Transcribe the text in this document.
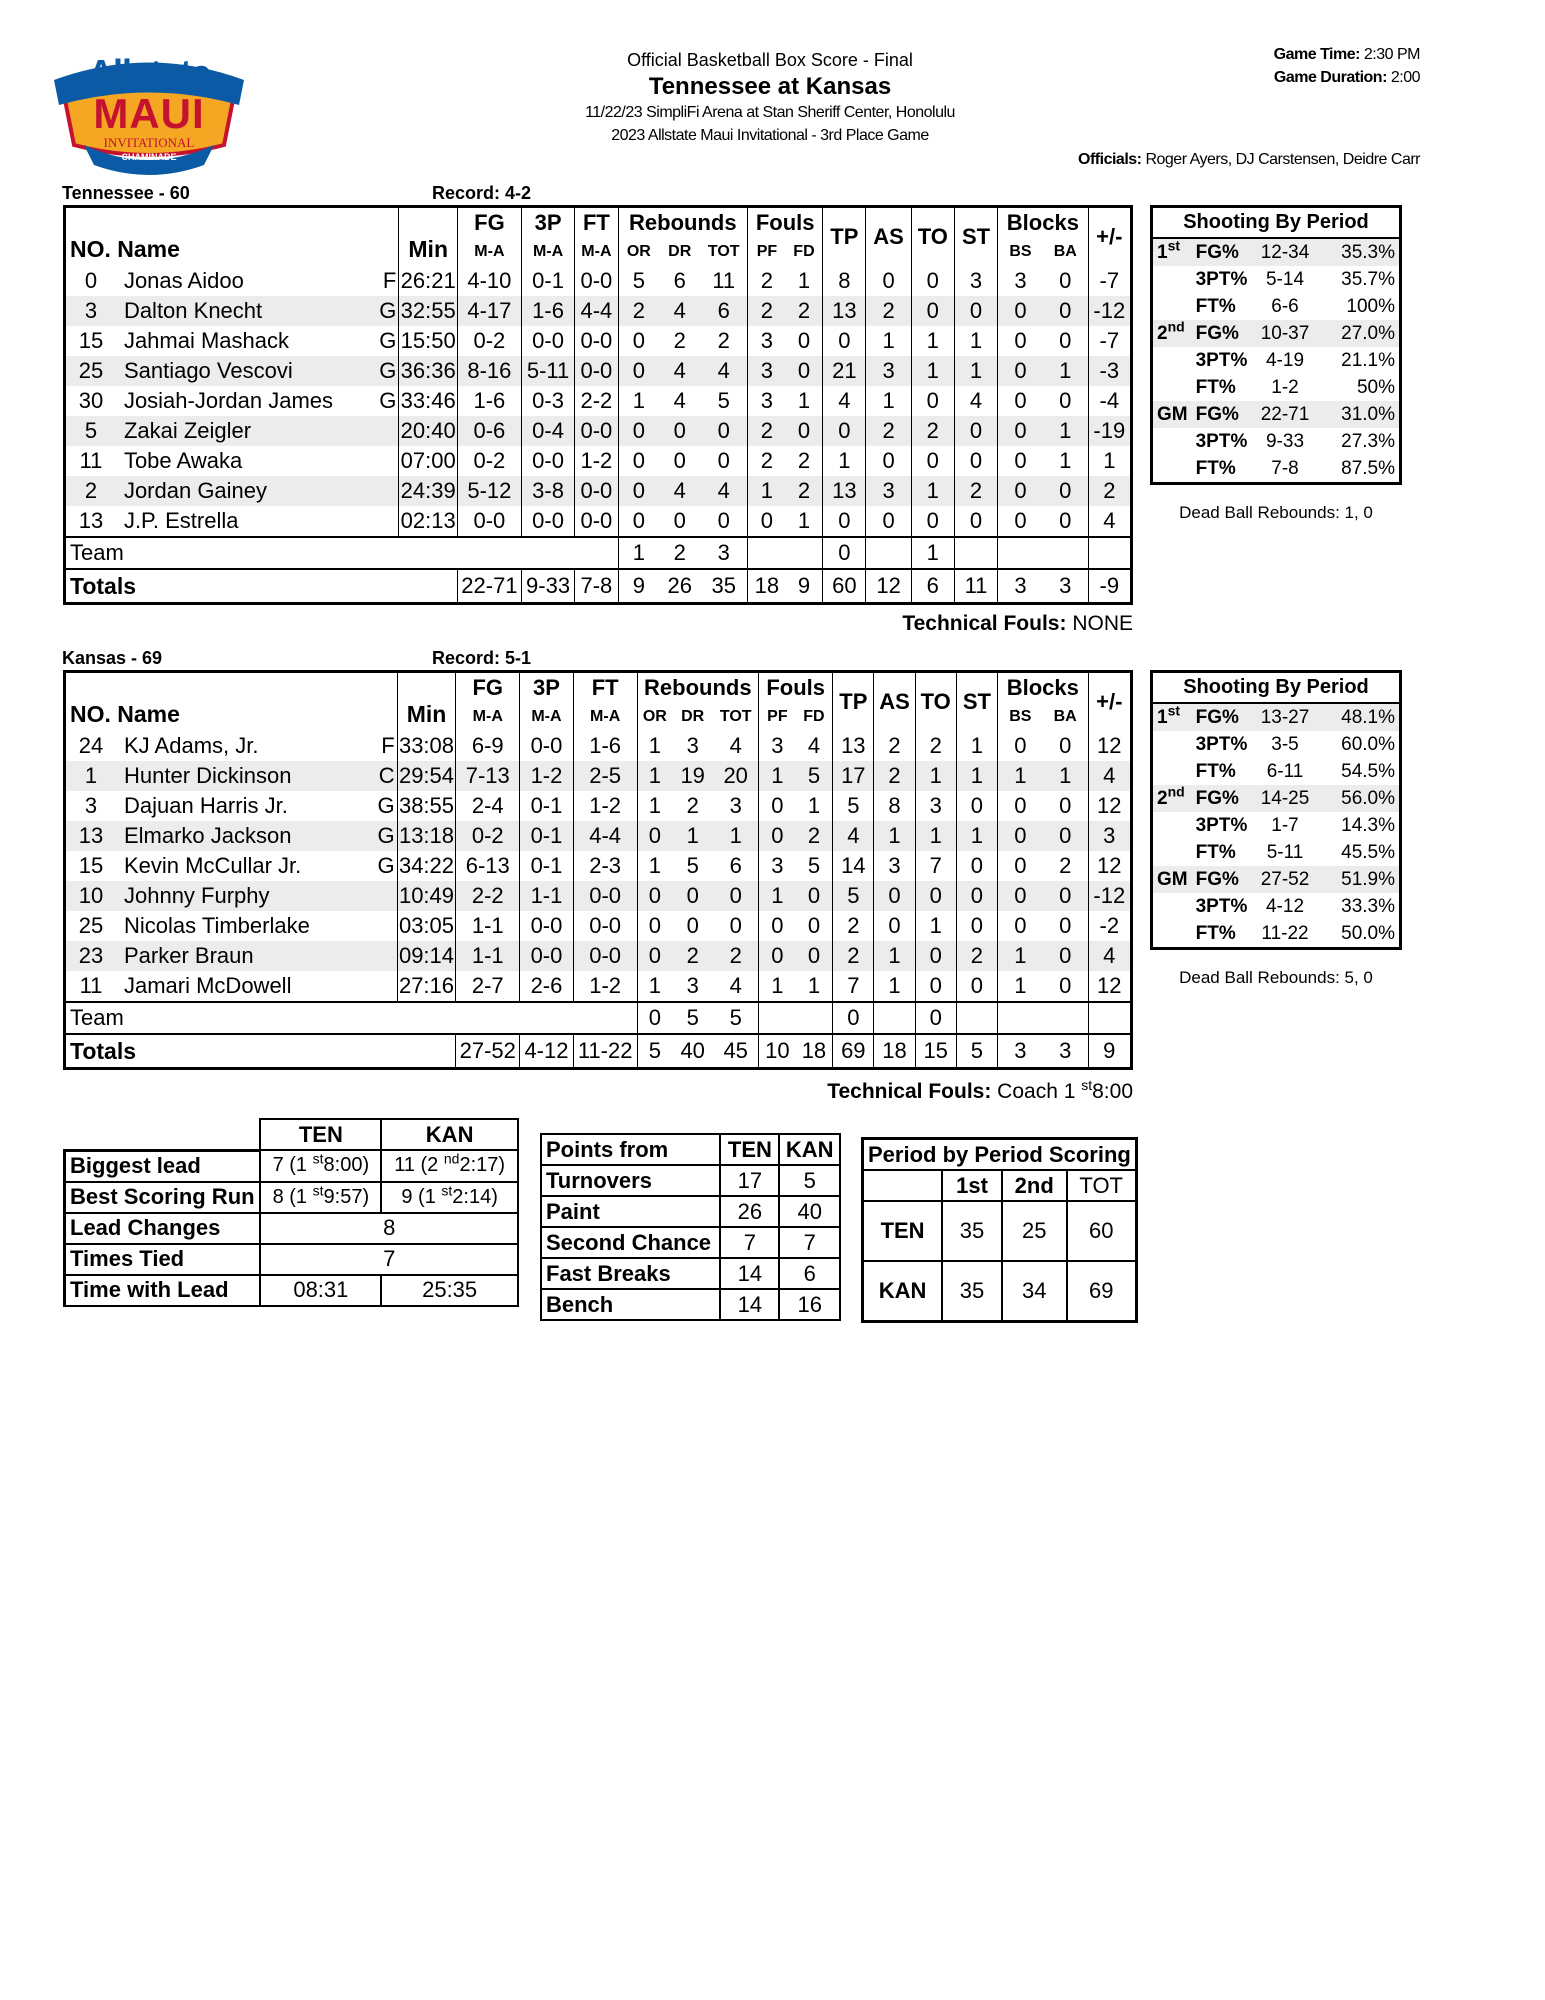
Allstate
MAUI
INVITATIONAL
CHAMINADE
Official Basketball Box Score - Final
Tennessee at Kansas
11/22/23 SimpliFi Arena at Stan Sheriff Center, Honolulu
2023 Allstate Maui Invitational - 3rd Place Game
Game Time: 2:30 PM
Game Duration: 2:00
Officials: Roger Ayers, DJ Carstensen, Deidre Carr
Tennessee - 60	Record: 4-2
NO. Name			Min	FG	3P	FT	Rebounds			Fouls		TP	AS	TO	ST	Blocks		+/-
				M-A	M-A	M-A	OR	DR	TOT	PF	FD					BS	BA	
0	Jonas Aidoo	F	26:21	4-10	0-1	0-0	5	6	11	2	1	8	0	0	3	3	0	-7
3	Dalton Knecht	G	32:55	4-17	1-6	4-4	2	4	6	2	2	13	2	0	0	0	0	-12
15	Jahmai Mashack	G	15:50	0-2	0-0	0-0	0	2	2	3	0	0	1	1	1	0	0	-7
25	Santiago Vescovi	G	36:36	8-16	5-11	0-0	0	4	4	3	0	21	3	1	1	0	1	-3
30	Josiah-Jordan James	G	33:46	1-6	0-3	2-2	1	4	5	3	1	4	1	0	4	0	0	-4
5	Zakai Zeigler		20:40	0-6	0-4	0-0	0	0	0	2	0	0	2	2	0	0	1	-19
11	Tobe Awaka		07:00	0-2	0-0	1-2	0	0	0	2	2	1	0	0	0	0	1	1
2	Jordan Gainey		24:39	5-12	3-8	0-0	0	4	4	1	2	13	3	1	2	0	0	2
13	J.P. Estrella		02:13	0-0	0-0	0-0	0	0	0	0	1	0	0	0	0	0	0	4
Team							1	2	3			0		1				
Totals				22-71	9-33	7-8	9	26	35	18	9	60	12	6	11	3	3	-9
Technical Fouls: NONE
Shooting By Period			
1st	FG%	12-34	35.3%
	3PT%	5-14	35.7%
	FT%	6-6	100%
2nd	FG%	10-37	27.0%
	3PT%	4-19	21.1%
	FT%	1-2	50%
GM	FG%	22-71	31.0%
	3PT%	9-33	27.3%
	FT%	7-8	87.5%
Dead Ball Rebounds: 1, 0
Kansas - 69	Record: 5-1
NO. Name			Min	FG	3P	FT	Rebounds			Fouls		TP	AS	TO	ST	Blocks		+/-
				M-A	M-A	M-A	OR	DR	TOT	PF	FD					BS	BA	
24	KJ Adams, Jr.	F	33:08	6-9	0-0	1-6	1	3	4	3	4	13	2	2	1	0	0	12
1	Hunter Dickinson	C	29:54	7-13	1-2	2-5	1	19	20	1	5	17	2	1	1	1	1	4
3	Dajuan Harris Jr.	G	38:55	2-4	0-1	1-2	1	2	3	0	1	5	8	3	0	0	0	12
13	Elmarko Jackson	G	13:18	0-2	0-1	4-4	0	1	1	0	2	4	1	1	1	0	0	3
15	Kevin McCullar Jr.	G	34:22	6-13	0-1	2-3	1	5	6	3	5	14	3	7	0	0	2	12
10	Johnny Furphy		10:49	2-2	1-1	0-0	0	0	0	1	0	5	0	0	0	0	0	-12
25	Nicolas Timberlake		03:05	1-1	0-0	0-0	0	0	0	0	0	2	0	1	0	0	0	-2
23	Parker Braun		09:14	1-1	0-0	0-0	0	2	2	0	0	2	1	0	2	1	0	4
11	Jamari McDowell		27:16	2-7	2-6	1-2	1	3	4	1	1	7	1	0	0	1	0	12
Team							0	5	5			0		0				
Totals				27-52	4-12	11-22	5	40	45	10	18	69	18	15	5	3	3	9
Technical Fouls: Coach 1 $^{st}$8:00
Shooting By Period			
1st	FG%	13-27	48.1%
	3PT%	3-5	60.0%
	FT%	6-11	54.5%
2nd	FG%	14-25	56.0%
	3PT%	1-7	14.3%
	FT%	5-11	45.5%
GM	FG%	27-52	51.9%
	3PT%	4-12	33.3%
	FT%	11-22	50.0%
Dead Ball Rebounds: 5, 0
	TEN	KAN
Biggest lead	7 (1 $^{st}$8:00)	11 (2 $^{nd}$2:17)
Best Scoring Run	8 (1 $^{st}$9:57)	9 (1 $^{st}$2:14)
Lead Changes	8	
Times Tied	7	
Time with Lead	08:31	25:35
Points from	TEN	KAN
Turnovers	17	5
Paint	26	40
Second Chance	7	7
Fast Breaks	14	6
Bench	14	16
Period by Period Scoring			
	1st	2nd	TOT
TEN	35	25	60
KAN	35	34	69
